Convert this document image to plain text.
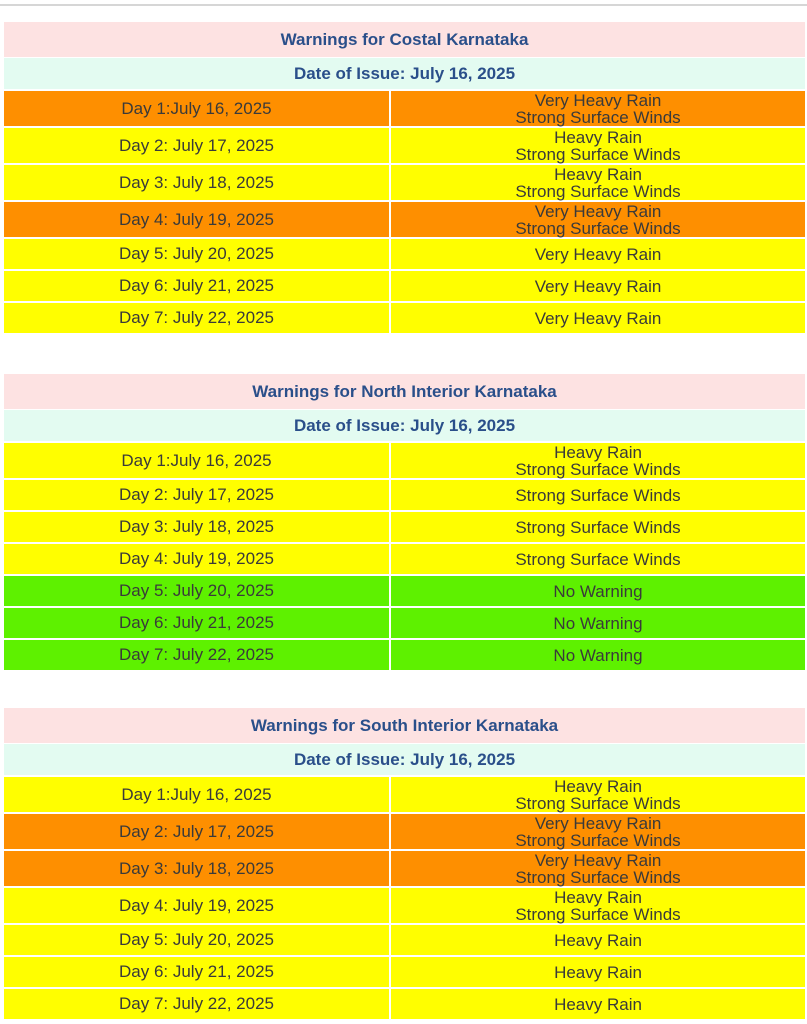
Warnings for Costal Karnataka
Date of Issue: July 16, 2025
Day 1:July 16, 2025	Very Heavy Rain
Strong Surface Winds
Day 2: July 17, 2025	Heavy Rain
Strong Surface Winds
Day 3: July 18, 2025	Heavy Rain
Strong Surface Winds
Day 4: July 19, 2025	Very Heavy Rain
Strong Surface Winds
Day 5: July 20, 2025	Very Heavy Rain
Day 6: July 21, 2025	Very Heavy Rain
Day 7: July 22, 2025	Very Heavy Rain
Warnings for North Interior Karnataka
Date of Issue: July 16, 2025
Day 1:July 16, 2025	Heavy Rain
Strong Surface Winds
Day 2: July 17, 2025	Strong Surface Winds
Day 3: July 18, 2025	Strong Surface Winds
Day 4: July 19, 2025	Strong Surface Winds
Day 5: July 20, 2025	No Warning
Day 6: July 21, 2025	No Warning
Day 7: July 22, 2025	No Warning
Warnings for South Interior Karnataka
Date of Issue: July 16, 2025
Day 1:July 16, 2025	Heavy Rain
Strong Surface Winds
Day 2: July 17, 2025	Very Heavy Rain
Strong Surface Winds
Day 3: July 18, 2025	Very Heavy Rain
Strong Surface Winds
Day 4: July 19, 2025	Heavy Rain
Strong Surface Winds
Day 5: July 20, 2025	Heavy Rain
Day 6: July 21, 2025	Heavy Rain
Day 7: July 22, 2025	Heavy Rain
